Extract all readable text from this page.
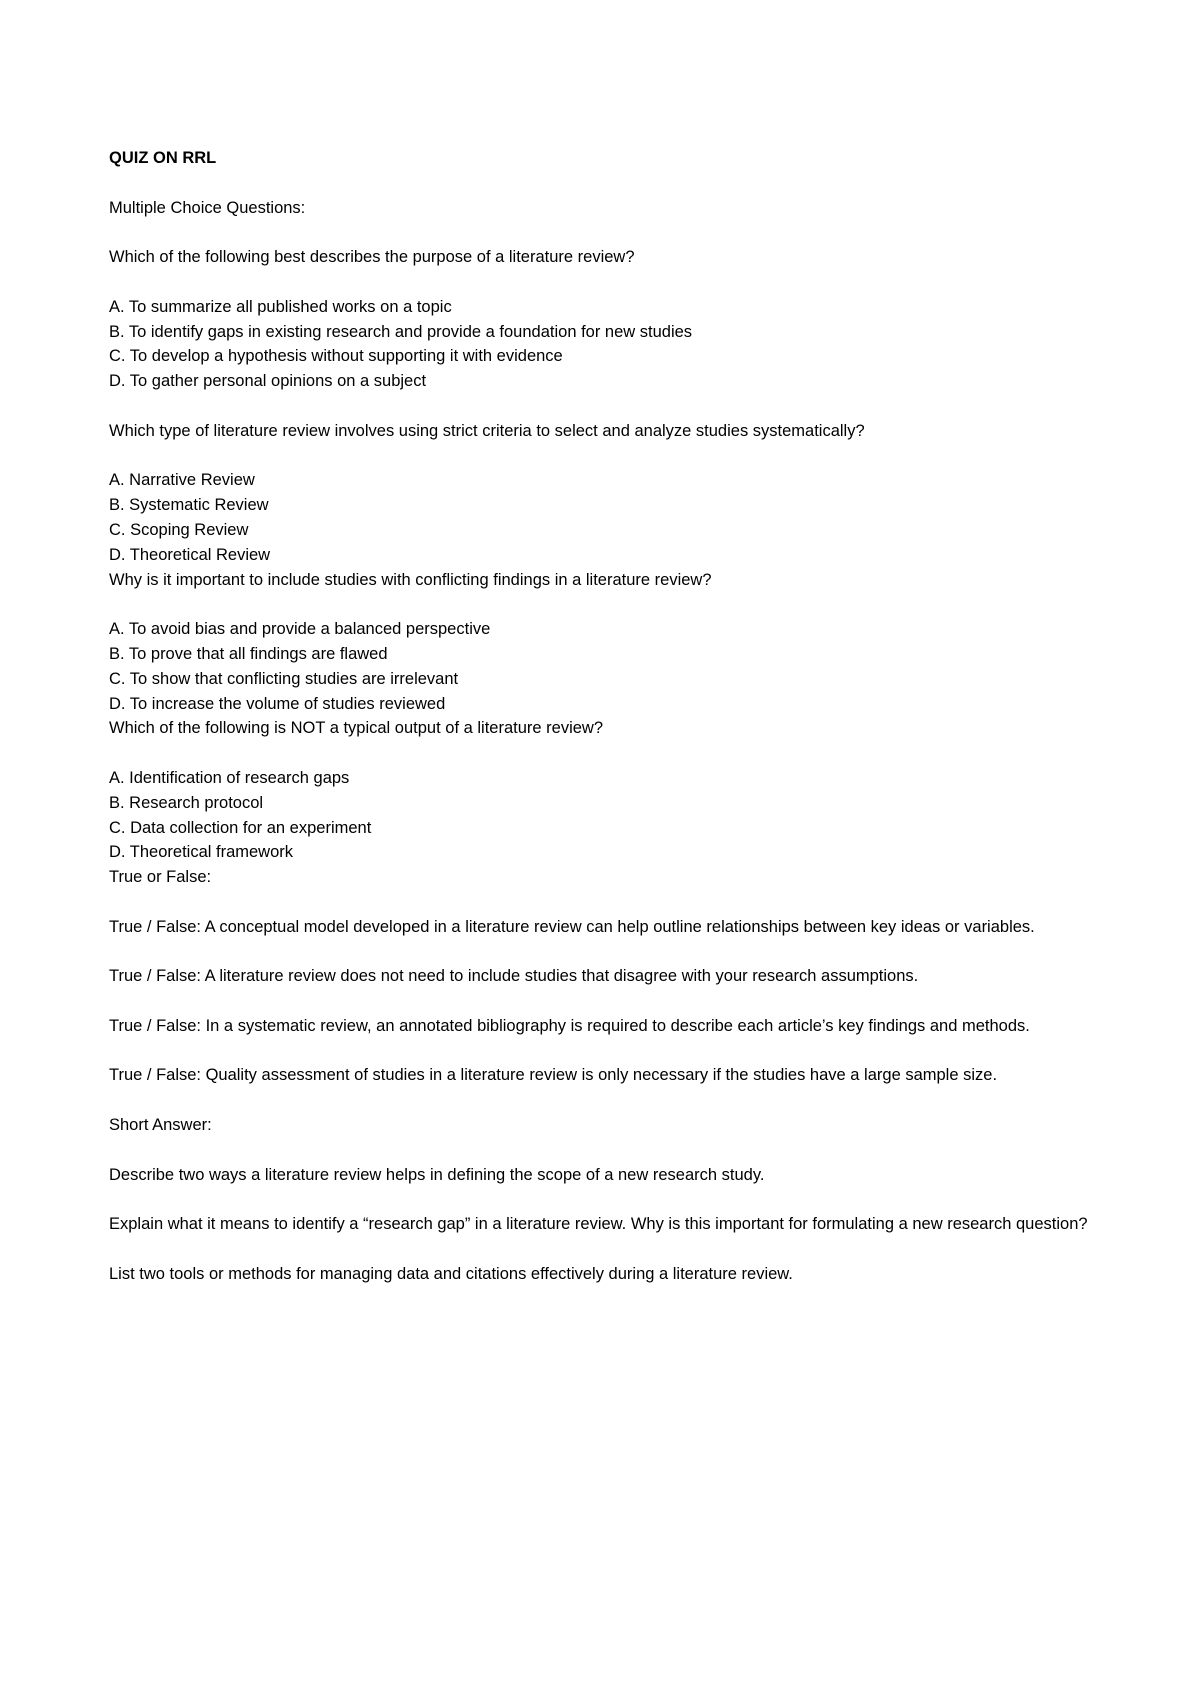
QUIZ ON RRL

Multiple Choice Questions:

Which of the following best describes the purpose of a literature review?

A. To summarize all published works on a topic

B. To identify gaps in existing research and provide a foundation for new studies

C. To develop a hypothesis without supporting it with evidence

D. To gather personal opinions on a subject

Which type of literature review involves using strict criteria to select and analyze studies systematically?

A. Narrative Review

B. Systematic Review

C. Scoping Review

D. Theoretical Review

Why is it important to include studies with conflicting findings in a literature review?

A. To avoid bias and provide a balanced perspective

B. To prove that all findings are flawed

C. To show that conflicting studies are irrelevant

D. To increase the volume of studies reviewed

Which of the following is NOT a typical output of a literature review?

A. Identification of research gaps

B. Research protocol

C. Data collection for an experiment

D. Theoretical framework

True or False:

True / False: A conceptual model developed in a literature review can help outline relationships between key ideas or variables.

True / False: A literature review does not need to include studies that disagree with your research assumptions.

True / False: In a systematic review, an annotated bibliography is required to describe each article’s key findings and methods.

True / False: Quality assessment of studies in a literature review is only necessary if the studies have a large sample size.

Short Answer:

Describe two ways a literature review helps in defining the scope of a new research study.

Explain what it means to identify a “research gap” in a literature review. Why is this important for formulating a new research question?

List two tools or methods for managing data and citations effectively during a literature review.
